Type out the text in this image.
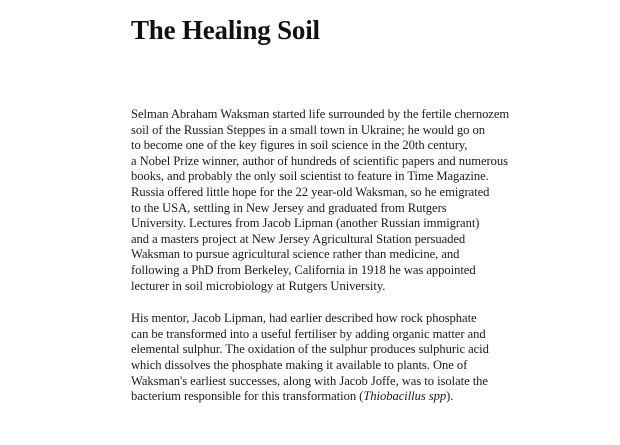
The Healing Soil

Selman Abraham Waksman started life surrounded by the fertile chernozem
soil of the Russian Steppes in a small town in Ukraine; he would go on
to become one of the key figures in soil science in the 20th century,
a Nobel Prize winner, author of hundreds of scientific papers and numerous
books, and probably the only soil scientist to feature in Time Magazine.
Russia offered little hope for the 22 year-old Waksman, so he emigrated
to the USA, settling in New Jersey and graduated from Rutgers
University. Lectures from Jacob Lipman (another Russian immigrant)
and a masters project at New Jersey Agricultural Station persuaded
Waksman to pursue agricultural science rather than medicine, and
following a PhD from Berkeley, California in 1918 he was appointed
lecturer in soil microbiology at Rutgers University.

His mentor, Jacob Lipman, had earlier described how rock phosphate
can be transformed into a useful fertiliser by adding organic matter and
elemental sulphur. The oxidation of the sulphur produces sulphuric acid
which dissolves the phosphate making it available to plants. One of
Waksman's earliest successes, along with Jacob Joffe, was to isolate the
bacterium responsible for this transformation (Thiobacillus spp).
